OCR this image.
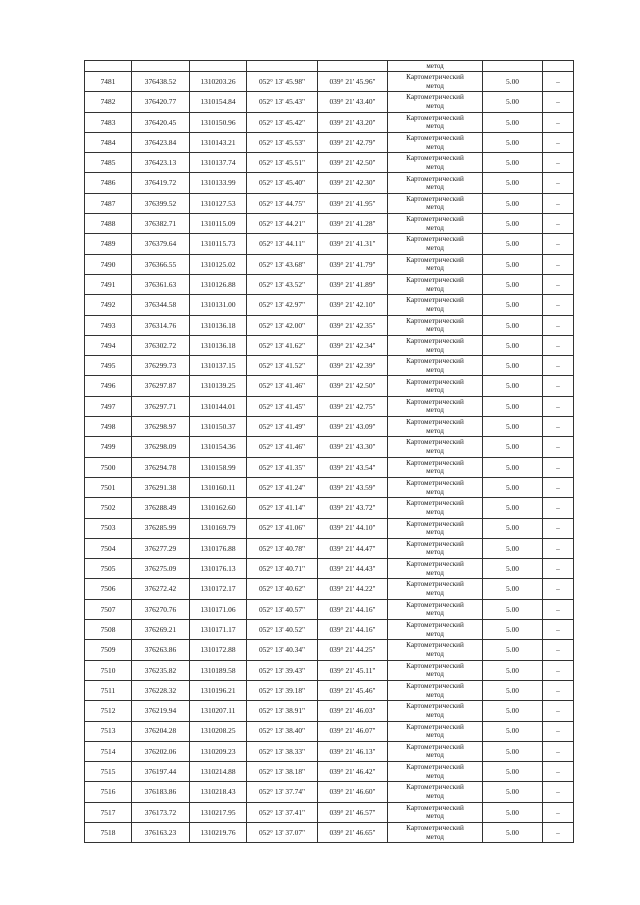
					метод		
7481	376438.52	1310203.26	052° 13' 45.98"	039° 21' 45.96"	Картометрический
метод	5.00	–
7482	376420.77	1310154.84	052° 13' 45.43"	039° 21' 43.40"	Картометрический
метод	5.00	–
7483	376420.45	1310150.96	052° 13' 45.42"	039° 21' 43.20"	Картометрический
метод	5.00	–
7484	376423.84	1310143.21	052° 13' 45.53"	039° 21' 42.79"	Картометрический
метод	5.00	–
7485	376423.13	1310137.74	052° 13' 45.51"	039° 21' 42.50"	Картометрический
метод	5.00	–
7486	376419.72	1310133.99	052° 13' 45.40"	039° 21' 42.30"	Картометрический
метод	5.00	–
7487	376399.52	1310127.53	052° 13' 44.75"	039° 21' 41.95"	Картометрический
метод	5.00	–
7488	376382.71	1310115.09	052° 13' 44.21"	039° 21' 41.28"	Картометрический
метод	5.00	–
7489	376379.64	1310115.73	052° 13' 44.11"	039° 21' 41.31"	Картометрический
метод	5.00	–
7490	376366.55	1310125.02	052° 13' 43.68"	039° 21' 41.79"	Картометрический
метод	5.00	–
7491	376361.63	1310126.88	052° 13' 43.52"	039° 21' 41.89"	Картометрический
метод	5.00	–
7492	376344.58	1310131.00	052° 13' 42.97"	039° 21' 42.10"	Картометрический
метод	5.00	–
7493	376314.76	1310136.18	052° 13' 42.00"	039° 21' 42.35"	Картометрический
метод	5.00	–
7494	376302.72	1310136.18	052° 13' 41.62"	039° 21' 42.34"	Картометрический
метод	5.00	–
7495	376299.73	1310137.15	052° 13' 41.52"	039° 21' 42.39"	Картометрический
метод	5.00	–
7496	376297.87	1310139.25	052° 13' 41.46"	039° 21' 42.50"	Картометрический
метод	5.00	–
7497	376297.71	1310144.01	052° 13' 41.45"	039° 21' 42.75"	Картометрический
метод	5.00	–
7498	376298.97	1310150.37	052° 13' 41.49"	039° 21' 43.09"	Картометрический
метод	5.00	–
7499	376298.09	1310154.36	052° 13' 41.46"	039° 21' 43.30"	Картометрический
метод	5.00	–
7500	376294.78	1310158.99	052° 13' 41.35"	039° 21' 43.54"	Картометрический
метод	5.00	–
7501	376291.38	1310160.11	052° 13' 41.24"	039° 21' 43.59"	Картометрический
метод	5.00	–
7502	376288.49	1310162.60	052° 13' 41.14"	039° 21' 43.72"	Картометрический
метод	5.00	–
7503	376285.99	1310169.79	052° 13' 41.06"	039° 21' 44.10"	Картометрический
метод	5.00	–
7504	376277.29	1310176.88	052° 13' 40.78"	039° 21' 44.47"	Картометрический
метод	5.00	–
7505	376275.09	1310176.13	052° 13' 40.71"	039° 21' 44.43"	Картометрический
метод	5.00	–
7506	376272.42	1310172.17	052° 13' 40.62"	039° 21' 44.22"	Картометрический
метод	5.00	–
7507	376270.76	1310171.06	052° 13' 40.57"	039° 21' 44.16"	Картометрический
метод	5.00	–
7508	376269.21	1310171.17	052° 13' 40.52"	039° 21' 44.16"	Картометрический
метод	5.00	–
7509	376263.86	1310172.88	052° 13' 40.34"	039° 21' 44.25"	Картометрический
метод	5.00	–
7510	376235.82	1310189.58	052° 13' 39.43"	039° 21' 45.11"	Картометрический
метод	5.00	–
7511	376228.32	1310196.21	052° 13' 39.18"	039° 21' 45.46"	Картометрический
метод	5.00	–
7512	376219.94	1310207.11	052° 13' 38.91"	039° 21' 46.03"	Картометрический
метод	5.00	–
7513	376204.28	1310208.25	052° 13' 38.40"	039° 21' 46.07"	Картометрический
метод	5.00	–
7514	376202.06	1310209.23	052° 13' 38.33"	039° 21' 46.13"	Картометрический
метод	5.00	–
7515	376197.44	1310214.88	052° 13' 38.18"	039° 21' 46.42"	Картометрический
метод	5.00	–
7516	376183.86	1310218.43	052° 13' 37.74"	039° 21' 46.60"	Картометрический
метод	5.00	–
7517	376173.72	1310217.95	052° 13' 37.41"	039° 21' 46.57"	Картометрический
метод	5.00	–
7518	376163.23	1310219.76	052° 13' 37.07"	039° 21' 46.65"	Картометрический
метод	5.00	–
